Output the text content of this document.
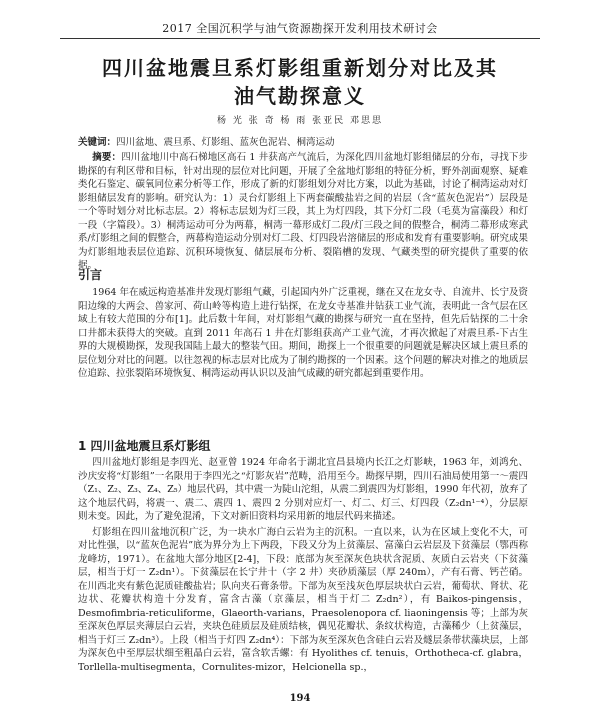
2017 全国沉积学与油气资源勘探开发利用技术研讨会
四川盆地震旦系灯影组重新划分对比及其
油气勘探意义
杨 光 张 奇 杨 雨 张亚民 邓思思
关键词：四川盆地、震旦系、灯影组、蓝灰色泥岩、桐湾运动

摘要：四川盆地川中高石梯地区高石 1 井获高产气流后，为深化四川盆地灯影组储层的分布，寻找下步勘探的有利区带和目标，针对出现的层位对比问题，开展了全盆地灯影组的特征分析，野外剖面观察、疑难类化石鉴定、碳氧同位素分析等工作，形成了新的灯影组划分对比方案，以此为基础，讨论了桐湾运动对灯影组储层发育的影响。研究认为：1）灵台灯影组上下两套碳酸盐岩之间的岩层（含“蓝灰色泥岩”）层段是一个等时划分对比标志层。2）将标志层划为灯三段，其上为灯四段，其下分灯二段（毛莫为富藻段）和灯一段（字篇段）。3）桐湾运动可分为两幕，桐湾一幕形成灯二段/灯三段之间的假整合，桐湾二幕形成寒武系/灯影组之间的假整合，两幕构造运动分别对灯二段、灯四段岩溶储层的形成和发育有重要影响。研究成果为灯影组地表层位追踪、沉积环境恢复、储层展布分析、裂陷槽的发现、气藏类型的研究提供了重要的依据。

引言

1964 年在威远构造基准井发现灯影组气藏，引起国内外广泛重视，继在又在龙女寺、自流井、长宁及资阳边缘的大两会、兽家河、荷山岭等构造上进行钻探，在龙女寺基准井钻获工业气流，表明此一含气层在区域上有较大范围的分布[1]。此后数十年间，对灯影组气藏的勘探与研究一直在坚持，但先后钻探的二十余口井都未获得大的突破。直到 2011 年高石 1 井在灯影组获高产工业气流，才再次掀起了对震旦系-下古生界的大规模勘探，发现我国陆上最大的整装气田。期间，勘探上一个很重要的问题就是解决区域上震旦系的层位划分对比的问题。以往忽视的标志层对比成为了制约勘探的一个因素。这个问题的解决对推之的地质层位追踪、拉张裂陷环境恢复、桐湾运动再认识以及油气成藏的研究都起到重要作用。

1 四川盆地震旦系灯影组

四川盆地灯影组是李四光、赵亚曾 1924 年命名于湖北宜昌县境内长江之灯影峡，1963 年，刘鸿允、沙庆安将“灯影组”一名限用于李四光之“灯影灰岩”范畴，沿用至今。勘探早期，四川石油局使用第一～震四（Z₁、Z₂、Z₃、Z₄、Z₅）地层代码，其中震一为陡山沱组，从震二到震四为灯影组，1990 年代初，放弃了这个地层代码，将震一、震二、震四 1、震四 2 分别对应灯一、灯二、灯三、灯四段（Z₂dn¹⁻⁴），分层原则未变。因此，为了避免混淆，下文对新旧资料均采用新的地层代码来描述。

灯影组在四川盆地沉积广泛，为一块水广海白云岩为主的沉积。一直以来，认为在区域上变化不大，可对比性强，以“蓝灰色泥岩”底为界分为上下两段，下段又分为上贫藻层、富藻白云岩层及下贫藻层（鄂西称龙峰坊，1971）。在盆地大部分地区[2-4]，下段：底部为灰至深灰色块状含泥质、灰质白云岩夹（下贫藻层，相当于灯一 Z₂dn¹）。下贫藻层在长宁井十（字 2 井）夹砂质藻层（厚 240m），产有石膏、钙芒硝。在川西北夹有紫色泥质硅酸盐岩；队向夹石膏条带。下部为灰至浅灰色厚层块状白云岩，葡萄状、肾状、花边状、花瓣状构造十分发育，富含古藻（京藻层，相当于灯二 Z₂dn²），有 Baikos-pingensis，Desmofimbria-reticuliforme，Glaeorth-varians，Praesolenopora cf. liaoningensis 等；上部为灰至深灰色厚层夹薄层白云岩，夹块色硅质层及硅质结核，偶见花瓣状、条纹状构造，古藻稀少（上贫藻层，相当于灯三 Z₂dn³）。上段（相当于灯四 Z₂dn⁴）：下部为灰至深灰色含硅白云岩及燧层条带状藻块层，上部为深灰色中至厚层状细至粗晶白云岩，富含软舌螺：有 Hyolithes cf. tenuis，Orthotheca-cf. glabra，Torllella-multisegmenta，Cornulites-mizor，Helcionella sp.，

194
